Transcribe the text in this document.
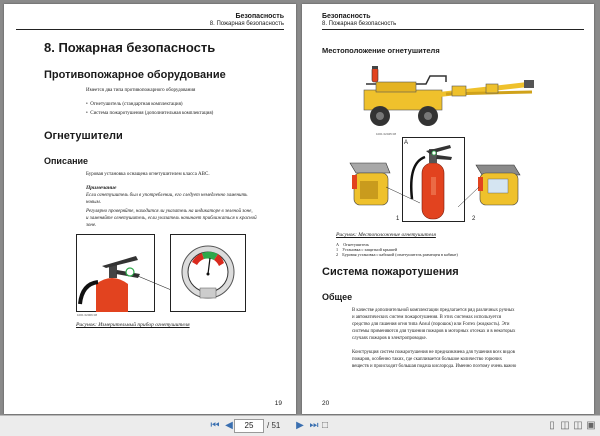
Безопасность
8. Пожарная безопасность
8. Пожарная безопасность
Противопожарное оборудование
Имеется два типа противопожарного оборудования
•  Огнетушитель (стандартная комплектация)
•  Система пожаротушения (дополнительная комплектация)
Огнетушители
Описание
Буровая установка оснащена огнетушителем класса ABC.
Примечание
Если огнетушитель был в употреблении, его следует немедленно заменить
новым.
Регулярно проверяйте, находится ли указатель на индикаторе в зеленой зоне,
и заменяйте огнетушитель, если указатель начинает приближаться к красной
зоне.
1001 02006 08
Рисунок: Измерительный прибор огнетушителя
19
Безопасность
8. Пожарная безопасность
Местоположение огнетушителя
1001 02045 08
A
1	2
Рисунок: Местоположение огнетушителя
A Огнетушитель
1 Установка с защитной крышей
2 Буровая установка с кабиной (огнетушитель размещен в кабине)
Система пожаротушения
Общее
В качестве дополнительной комплектации предлагается ряд различных ручных
и автоматических систем пожаротушения. В этих системах используется
средство для гашения огня типа Ansul (порошок) или Forrex (жидкость). Эти
системы применяются для тушения пожаров в моторных отсеках и в некоторых
случаях пожаров в электропроводке.
Конструкция систем пожаротушения не предназначена для тушения всех видов
пожаров, особенно таких, где скапливается большое количество горючих
веществ и происходит большая подача кислорода. Именно поэтому очень важно
20
⏮ ◀	25	/ 51	▶ ⏭ □	▯ ◫ ◫ ▣
